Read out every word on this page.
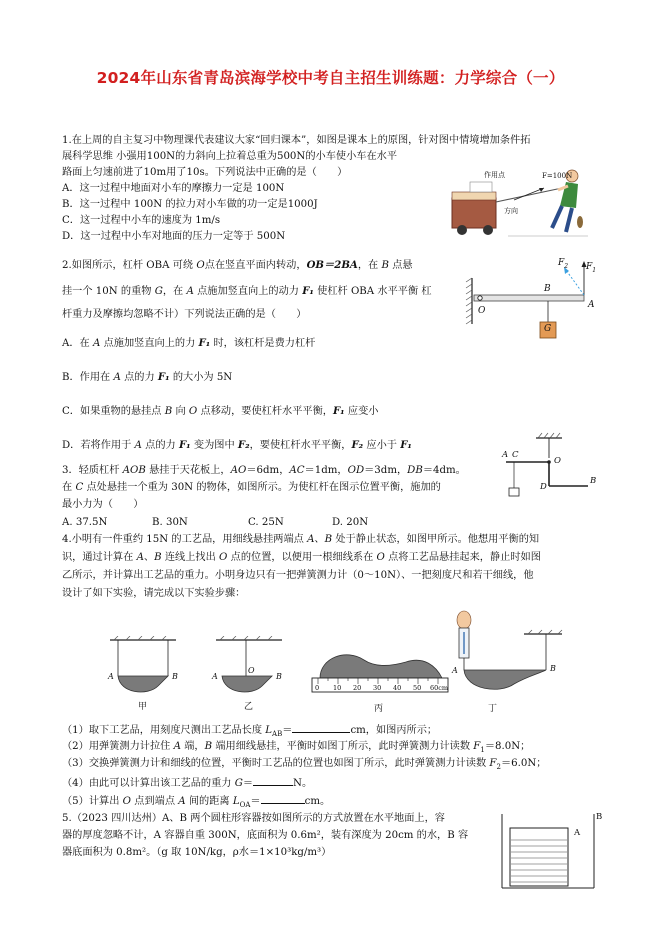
2024年山东省青岛滨海学校中考自主招生训练题：力学综合（一）
1.在上周的自主复习中物理课代表建议大家“回归课本”，如图是课本上的原图，针对图中情境增加条件拓
展科学思维 小强用100N的力斜向上拉着总重为500N的小车使小车在水平
路面上匀速前进了10m用了10s。下列说法中正确的是（　　）
A．这一过程中地面对小车的摩擦力一定是 100N
B．这一过程中 100N 的拉力对小车做的功一定是1000J
C．这一过程中小车的速度为 1m/s
D．这一过程中小车对地面的压力一定等于 500N
作用点	F=100N
方向
2.如图所示，杠杆 OBA 可绕 O点在竖直平面内转动，OB＝2BA，在 B 点悬
挂一个 10N 的重物 G，在 A 点施加竖直向上的动力 F₁ 使杠杆 OBA 水平平衡 杠
杆重力及摩擦均忽略不计）下列说法正确的是（　　）
A．在 A 点施加竖直向上的力 F₁ 时，该杠杆是费力杠杆
B．作用在 A 点的力 F₁ 的大小为 5N
C．如果重物的悬挂点 B 向 O 点移动，要使杠杆水平平衡，F₁ 应变小
D．若将作用于 A 点的力 F₁ 变为图中 F₂，要使杠杆水平平衡，F₂ 应小于 F₁
$F_2$ $F_1$
B
A
O
G
3．轻质杠杆 AOB 悬挂于天花板上，AO＝6dm，AC＝1dm，OD＝3dm，DB＝4dm。
在 C 点处悬挂一个重为 30N 的物体，如图所示。为使杠杆在图示位置平衡，施加的
最小力为（　　）
A. 37.5N	B. 30N	C. 25N	D. 20N
A C
O
D
B
4.小明有一件重约 15N 的工艺品，用细线悬挂两端点 A、B 处于静止状态，如图甲所示。他想用平衡的知
识，通过计算在 A、B 连线上找出 O 点的位置，以便用一根细线系在 O 点将工艺品悬挂起来，静止时如图
乙所示，并计算出工艺品的重力。小明身边只有一把弹簧测力计（0～10N）、一把刻度尺和若干细线，他
设计了如下实验，请完成以下实验步骤：
A	B
甲
A
O
B
乙
0 10 20 30 40 50 60cm
丙
A	B
丁
（1）取下工艺品，用刻度尺测出工艺品长度 $L_{AB}=$	cm，如图丙所示；
（2）用弹簧测力计拉住 A 端，B 端用细线悬挂，平衡时如图丁所示，此时弹簧测力计读数 $F_1=8.0N$；
（3）交换弹簧测力计和细线的位置，平衡时工艺品的位置也如图丁所示，此时弹簧测力计读数 $F_2=6.0N$；
（4）由此可以计算出该工艺品的重力 G＝	N。
（5）计算出 O 点到端点 A 间的距离 $L_{OA}=$	cm。
5.（2023 四川达州）A、B 两个圆柱形容器按如图所示的方式放置在水平地面上，容
器的厚度忽略不计，A 容器自重 300N，底面积为 0.6m²，装有深度为 20cm 的水，B 容
器底面积为 0.8m²。（g 取 10N/kg，ρ水＝1×10³kg/m³）
A
B
